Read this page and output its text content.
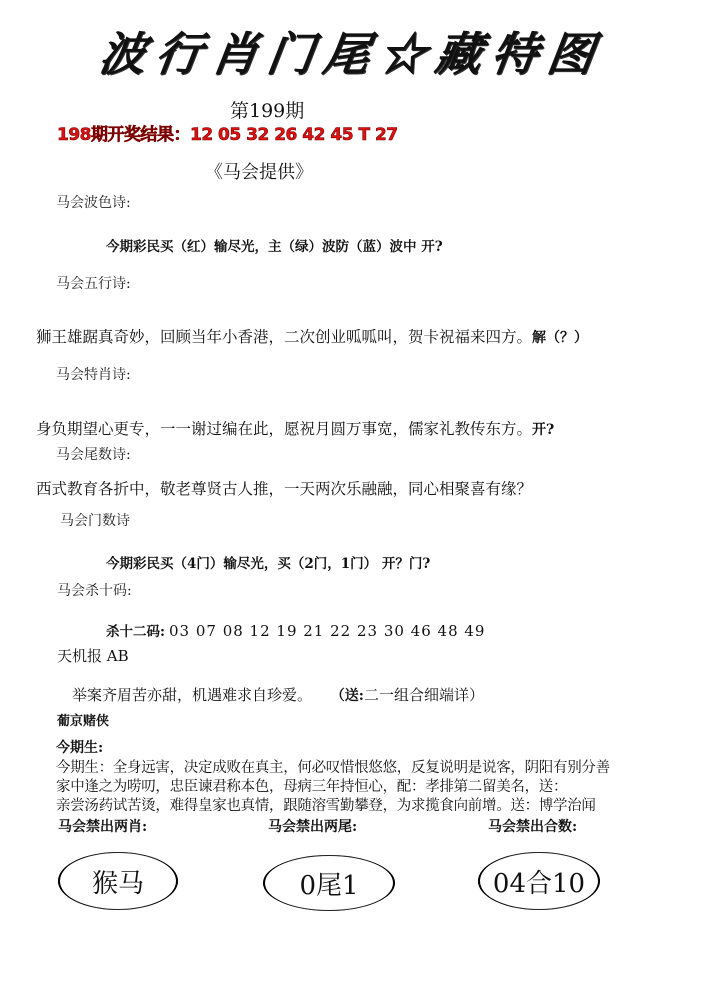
波行肖门尾☆藏特图
第199期
198期开奖结果：12 05 32 26 42 45 T 27
《马会提供》
马会波色诗:
今期彩民买（红）输尽光，主（绿）波防（蓝）波中 开?
马会五行诗:
狮王雄踞真奇妙，回顾当年小香港，二次创业呱呱叫，贺卡祝福来四方。解（？）
马会特肖诗:
身负期望心更专，一一谢过编在此，愿祝月圆万事宽，儒家礼教传东方。开?
马会尾数诗:
西式教育各折中，敬老尊贤古人推，一天两次乐融融，同心相聚喜有缘？
马会门数诗
今期彩民买（4门）输尽光，买（2门，1门） 开？门?
马会杀十码:
杀十二码: 03 07 08 12 19 21 22 23 30 46 48 49
天机报 AB
举案齐眉苦亦甜，机遇难求自珍爱。 （送:二一组合细端详）
葡京赌侠
今期生:
今期生：全身远害，决定成败在真主，何必叹惜恨悠悠，反复说明是说客，阴阳有别分善
家中逢之为唠叨，忠臣谏君称本色，母病三年持恒心，配：孝排第二留美名，送：
亲尝汤药试苦烫，难得皇家也真情，跟随溶雪勤攀登，为求揽食向前增。送：博学治闻
马会禁出两肖:	马会禁出两尾:	马会禁出合数:
猴马	0尾1	04合10
